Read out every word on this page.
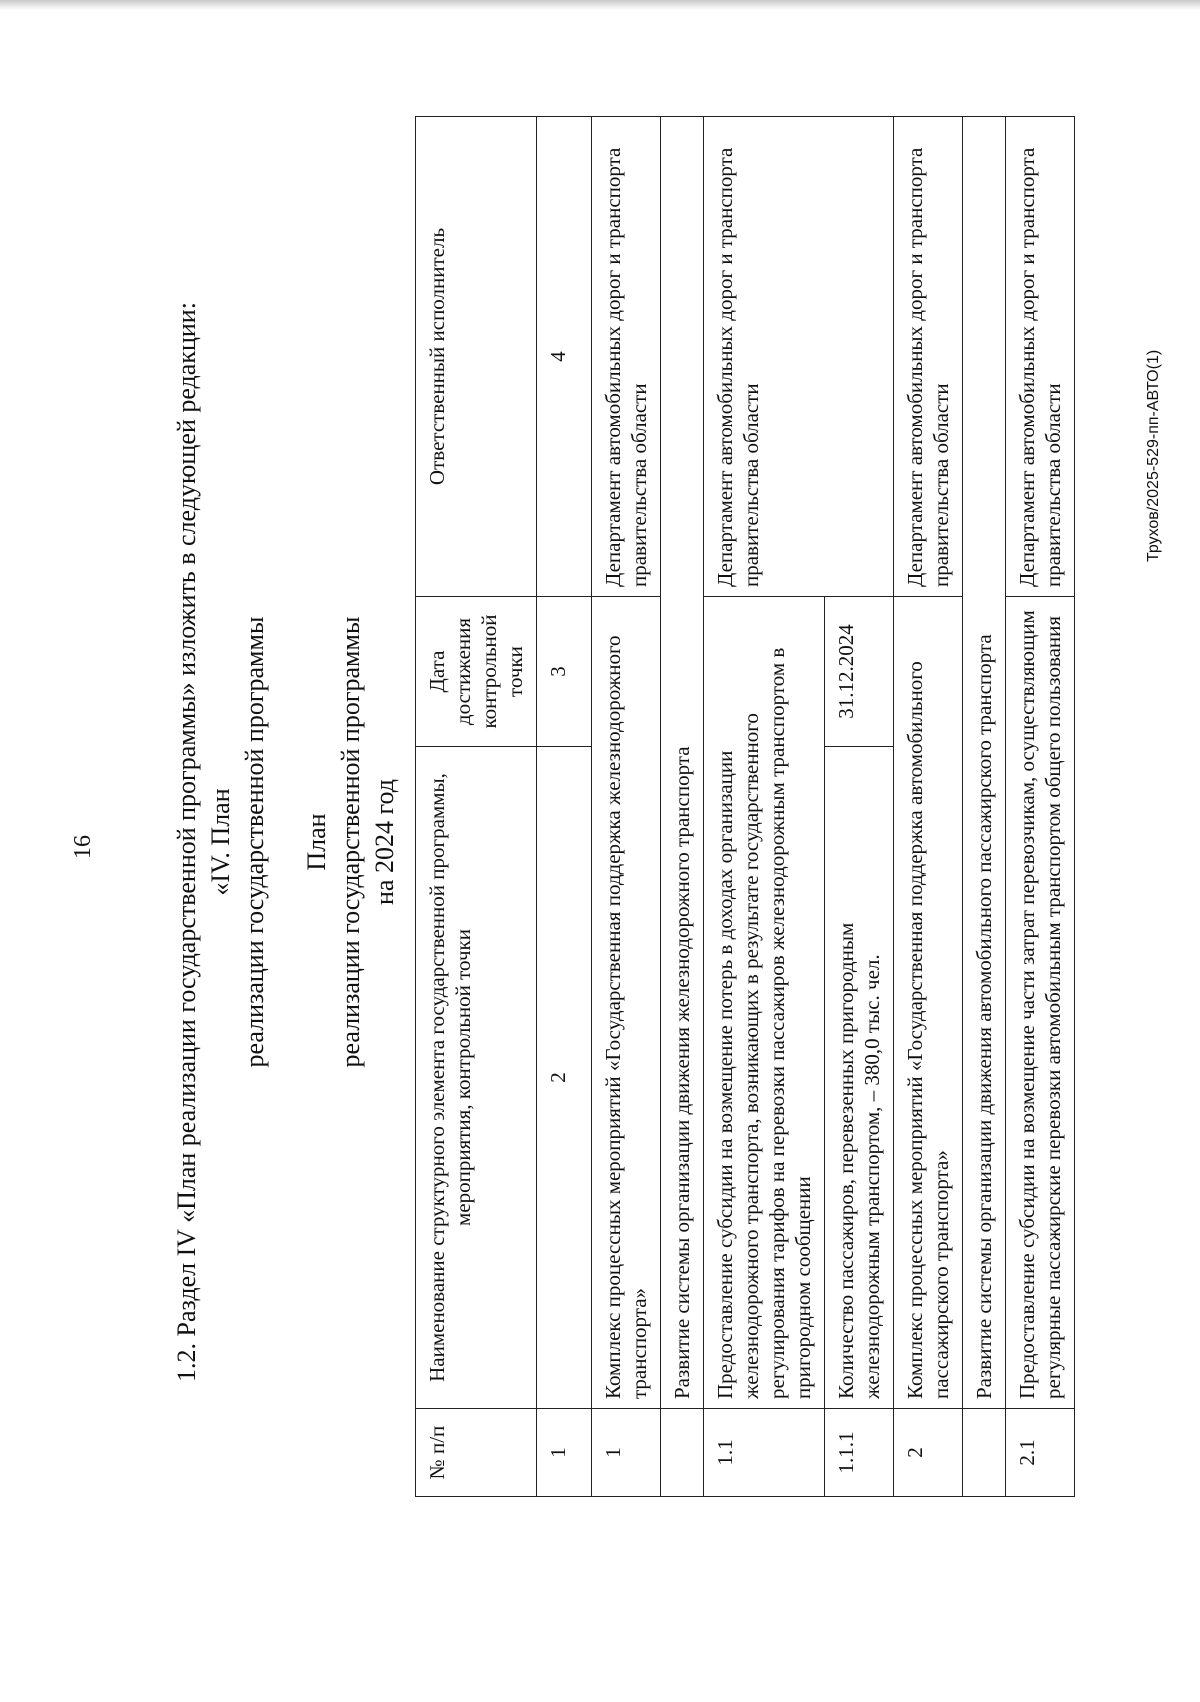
16	1.2. Раздел IV «План реализации государственной программы» изложить в следующей редакции: «IV. План реализации государственной программы План реализации государственной программы на 2024 год
№ п/п	Наименование структурного элемента государственной программы, мероприятия, контрольной точки	Дата достижения контрольной точки	Ответственный исполнитель
1	2	3	4
1	Комплекс процессных мероприятий «Государственная поддержка железнодорожного транспорта»		Департамент автомобильных дорог и транспорта правительства области
	Развитие системы организации движения железнодорожного транспорта		
1.1	Предоставление субсидии на возмещение потерь в доходах организации железнодорожного транспорта, возникающих в результате государственного регулирования тарифов на перевозки пассажиров железнодорожным транспортом в пригородном сообщении		Департамент автомобильных дорог и транспорта правительства области
1.1.1	Количество пассажиров, перевезенных пригородным железнодорожным транспортом, – 380,0 тыс. чел.	31.12.2024	
2	Комплекс процессных мероприятий «Государственная поддержка автомобильного пассажирского транспорта»		Департамент автомобильных дорог и транспорта правительства области
	Развитие системы организации движения автомобильного пассажирского транспорта		
2.1	Предоставление субсидии на возмещение части затрат перевозчикам, осуществляющим регулярные пассажирские перевозки автомобильным транспортом общего пользования		Департамент автомобильных дорог и транспорта правительства области	Трухов/2025-529-пп-АВТО(1)
